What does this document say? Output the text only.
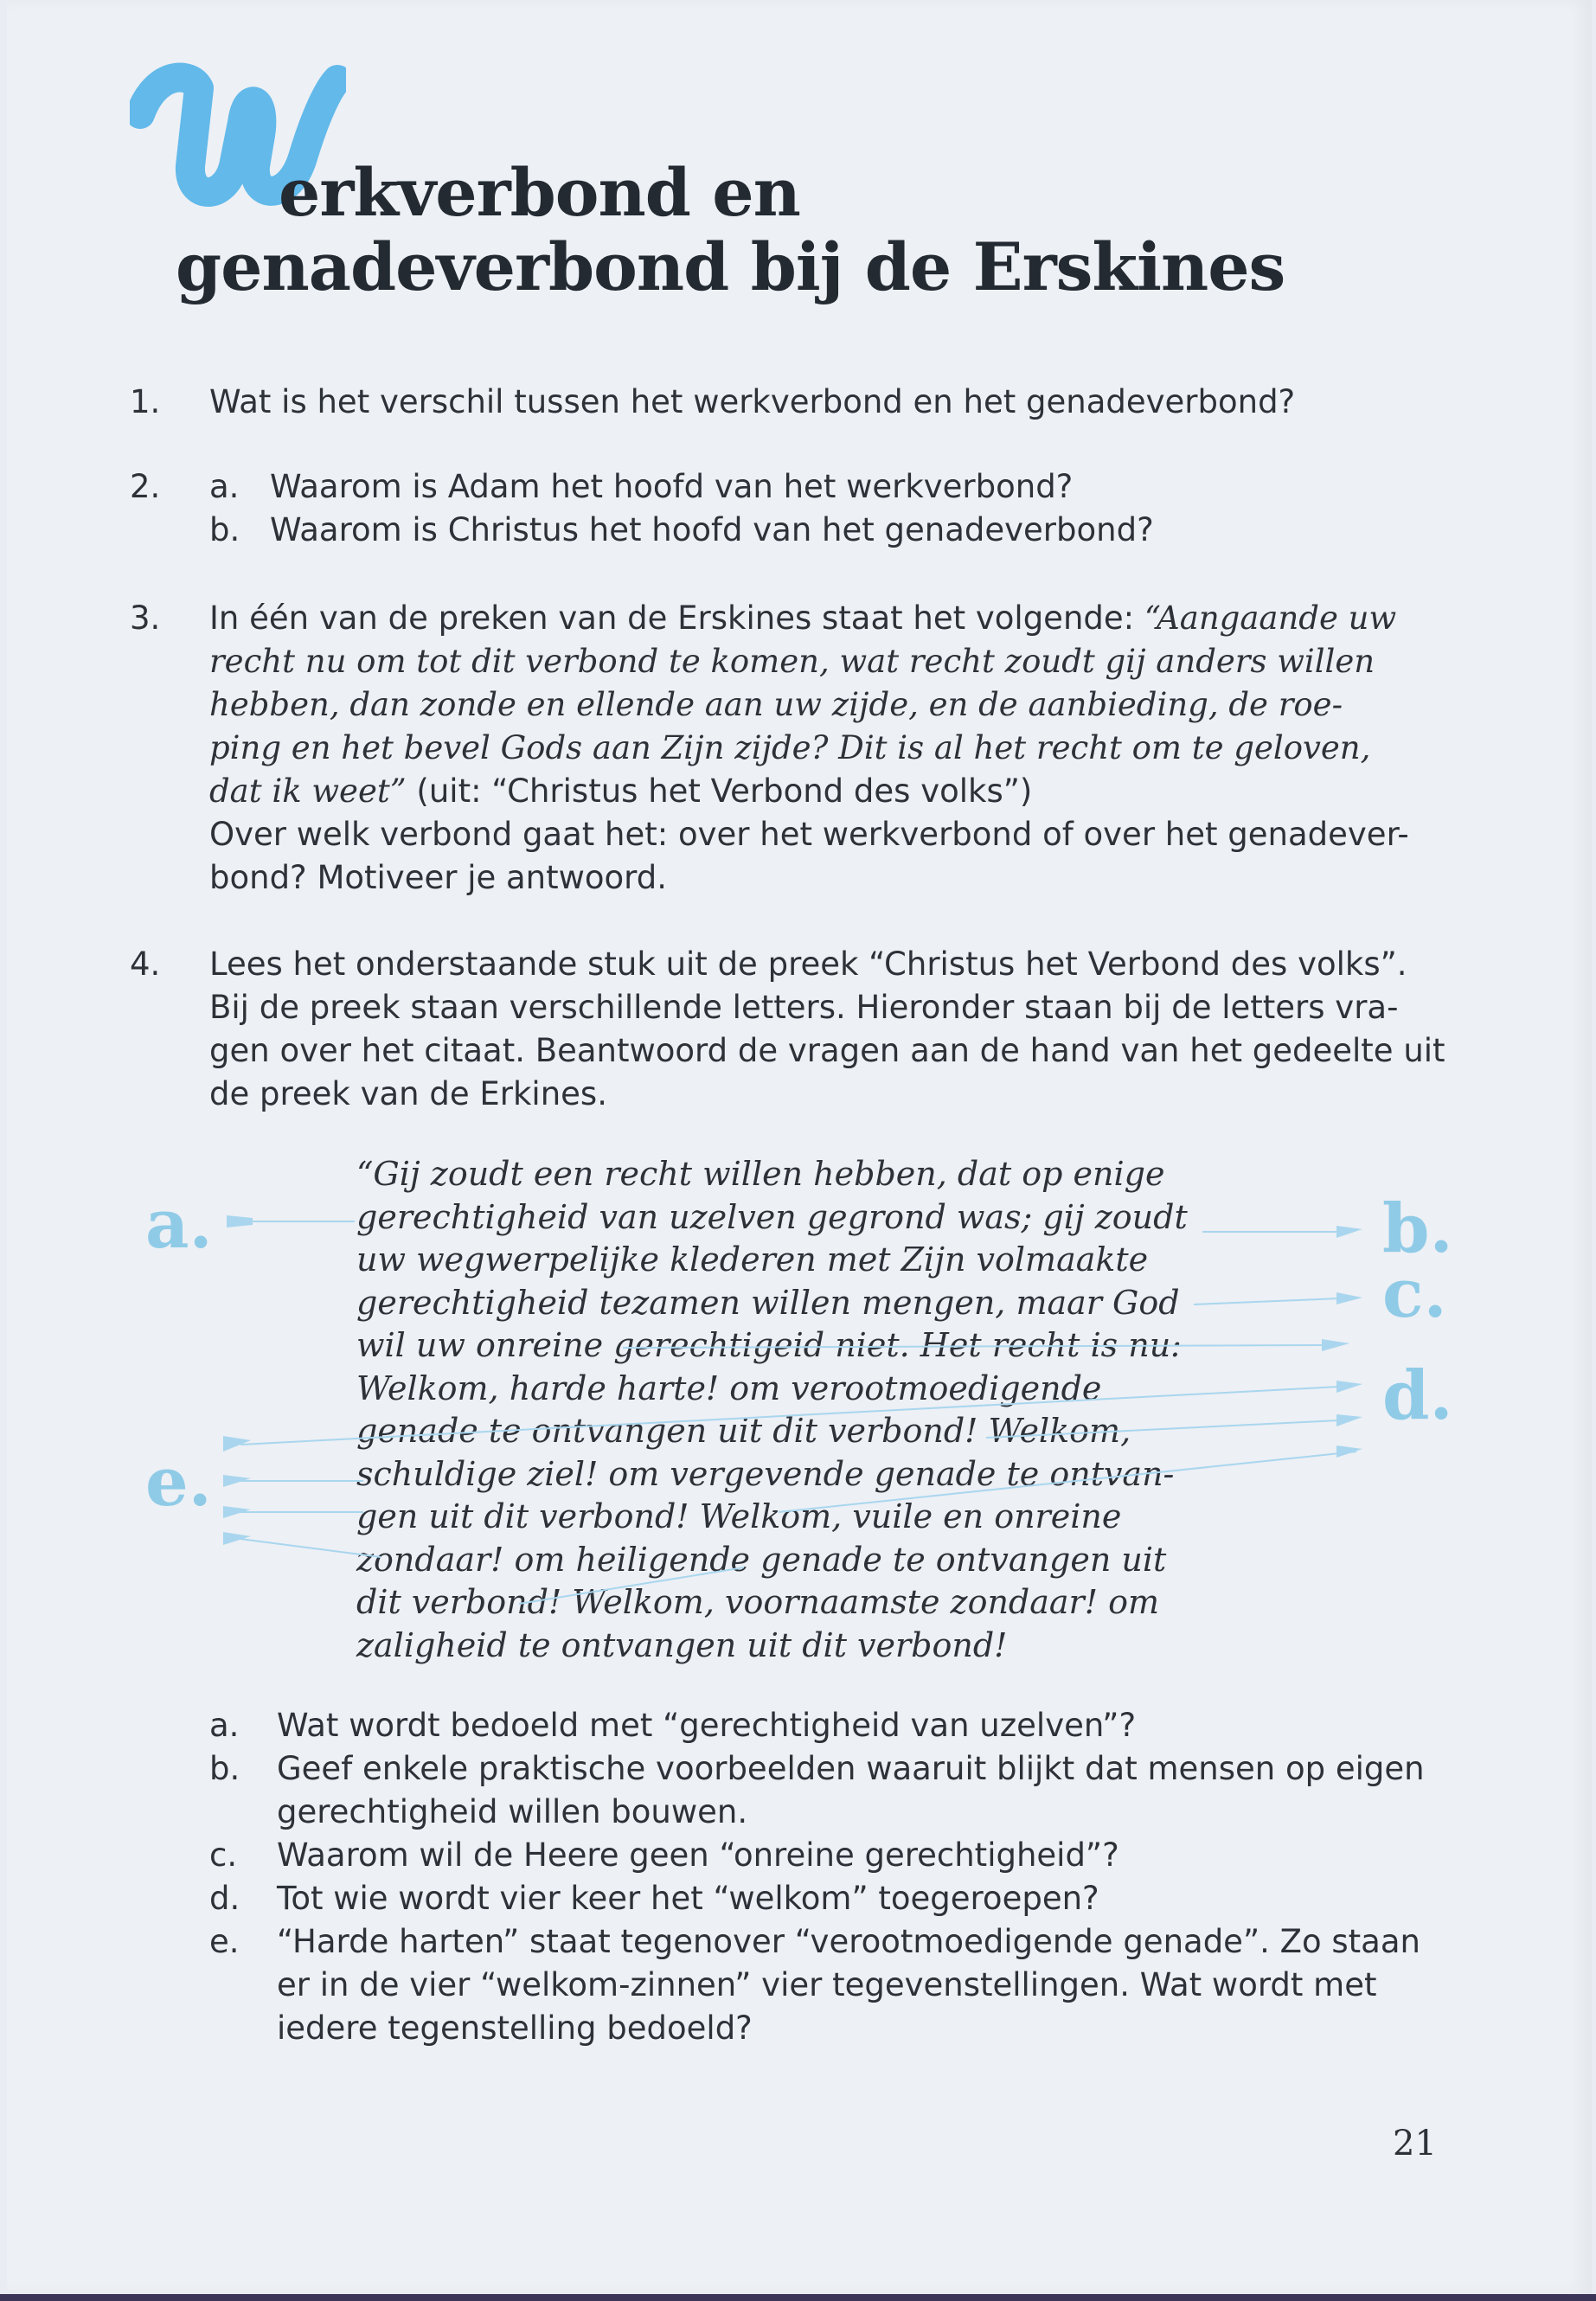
W
erkverbond en
genadeverbond bij de Erskines
1. Wat is het verschil tussen het werkverbond en het genadeverbond?
2. a. Waarom is Adam het hoofd van het werkverbond?
b. Waarom is Christus het hoofd van het genadeverbond?
3. In één van de preken van de Erskines staat het volgende: “Aangaande uw
recht nu om tot dit verbond te komen, wat recht zoudt gij anders willen
hebben, dan zonde en ellende aan uw zijde, en de aanbieding, de roe-
ping en het bevel Gods aan Zijn zijde? Dit is al het recht om te geloven,
dat ik weet” (uit: “Christus het Verbond des volks”)
Over welk verbond gaat het: over het werkverbond of over het genadever-
bond? Motiveer je antwoord.
4. Lees het onderstaande stuk uit de preek “Christus het Verbond des volks”.
Bij de preek staan verschillende letters. Hieronder staan bij de letters vra-
gen over het citaat. Beantwoord de vragen aan de hand van het gedeelte uit
de preek van de Erkines.
“Gij zoudt een recht willen hebben, dat op enige
gerechtigheid van uzelven gegrond was; gij zoudt
uw wegwerpelijke klederen met Zijn volmaakte
gerechtigheid tezamen willen mengen, maar God
wil uw onreine gerechtigeid niet. Het recht is nu:
Welkom, harde harte! om verootmoedigende
genade te ontvangen uit dit verbond! Welkom,
schuldige ziel! om vergevende genade te ontvan-
gen uit dit verbond! Welkom, vuile en onreine
zondaar! om heiligende genade te ontvangen uit
dit verbond! Welkom, voornaamste zondaar! om
zaligheid te ontvangen uit dit verbond!
a.	b.
c.
d.
e.
a.	Wat wordt bedoeld met “gerechtigheid van uzelven”?
b.	Geef enkele praktische voorbeelden waaruit blijkt dat mensen op eigen
gerechtigheid willen bouwen.
c.	Waarom wil de Heere geen “onreine gerechtigheid”?
d.	Tot wie wordt vier keer het “welkom” toegeroepen?
e.	“Harde harten” staat tegenover “verootmoedigende genade”. Zo staan
er in de vier “welkom-zinnen” vier tegevenstellingen. Wat wordt met
iedere tegenstelling bedoeld?
21
